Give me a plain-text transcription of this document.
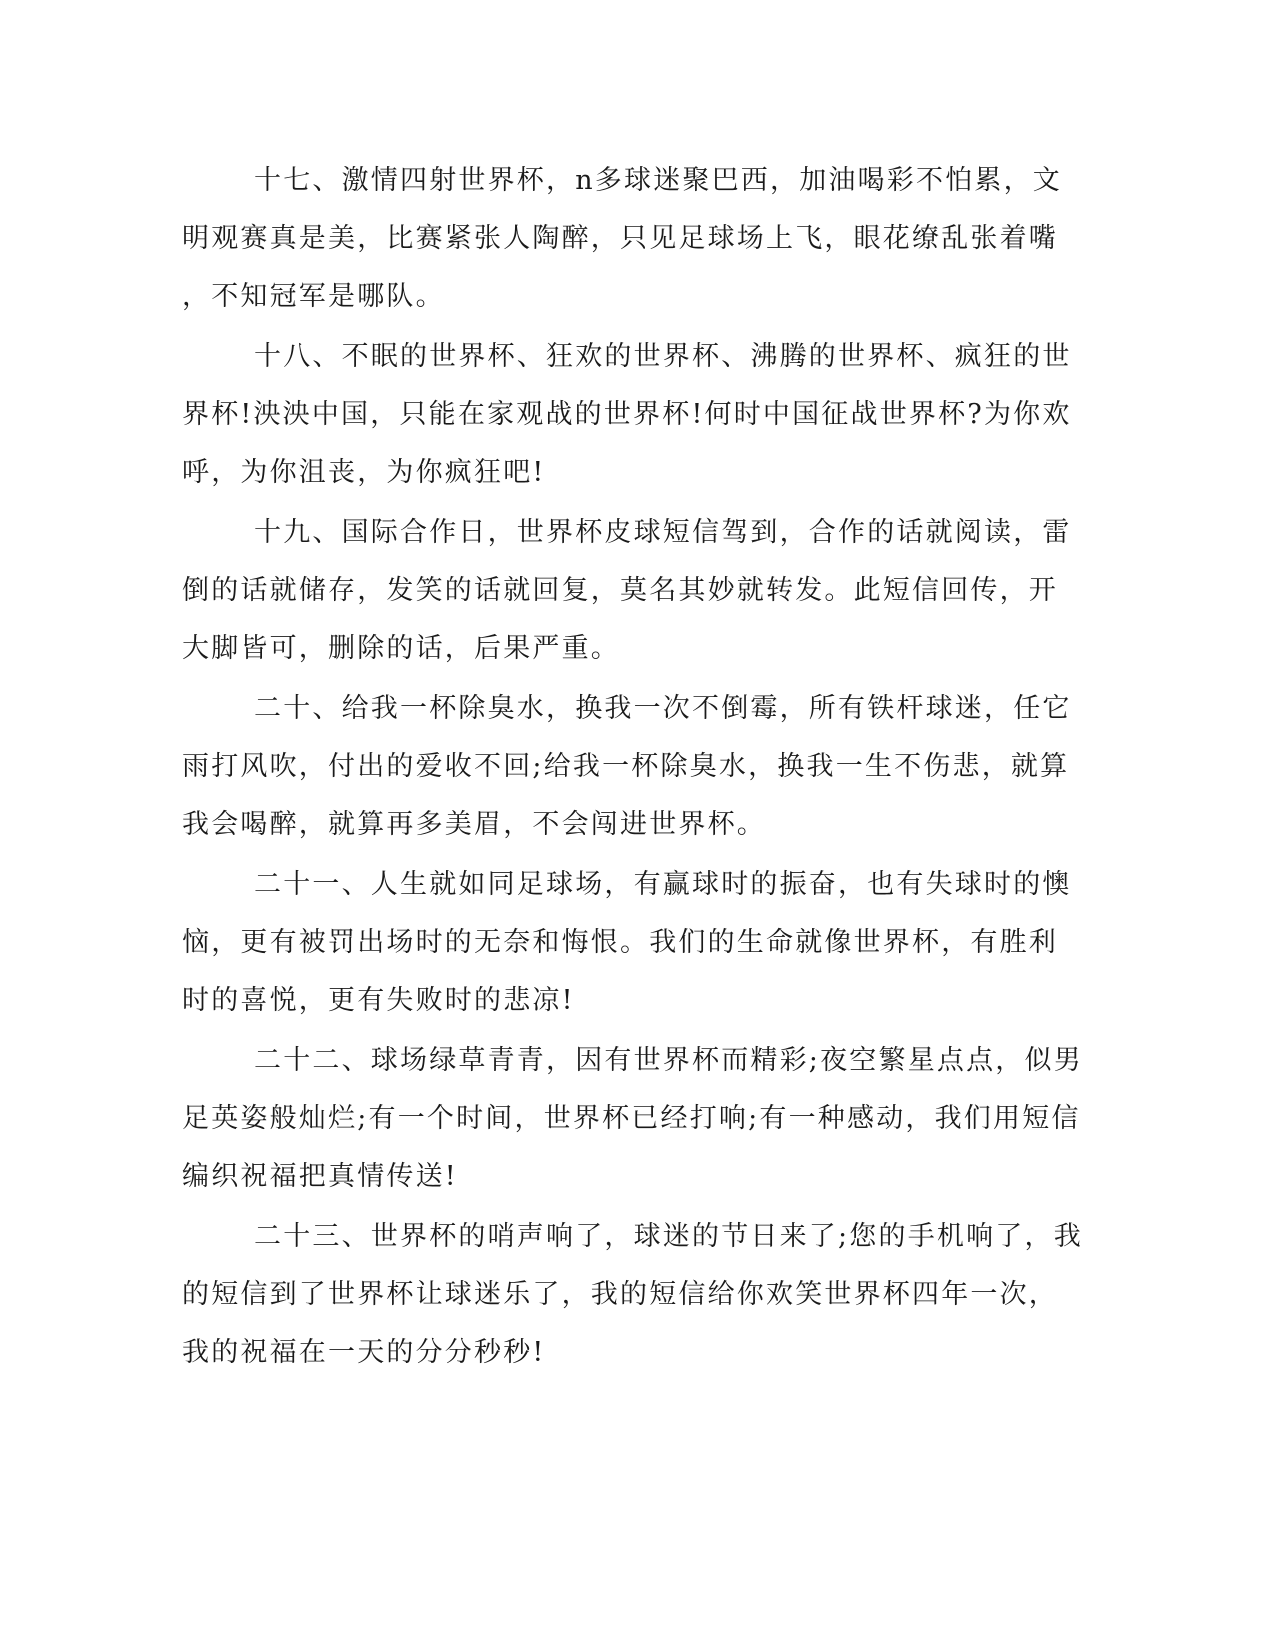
十七、激情四射世界杯，n多球迷聚巴西，加油喝彩不怕累，文
明观赛真是美，比赛紧张人陶醉，只见足球场上飞，眼花缭乱张着嘴
，不知冠军是哪队。
十八、不眠的世界杯、狂欢的世界杯、沸腾的世界杯、疯狂的世
界杯!泱泱中国，只能在家观战的世界杯!何时中国征战世界杯?为你欢
呼，为你沮丧，为你疯狂吧!
十九、国际合作日，世界杯皮球短信驾到，合作的话就阅读，雷
倒的话就储存，发笑的话就回复，莫名其妙就转发。此短信回传，开
大脚皆可，删除的话，后果严重。
二十、给我一杯除臭水，换我一次不倒霉，所有铁杆球迷，任它
雨打风吹，付出的爱收不回;给我一杯除臭水，换我一生不伤悲，就算
我会喝醉，就算再多美眉，不会闯进世界杯。
二十一、人生就如同足球场，有赢球时的振奋，也有失球时的懊
恼，更有被罚出场时的无奈和悔恨。我们的生命就像世界杯，有胜利
时的喜悦，更有失败时的悲凉!
二十二、球场绿草青青，因有世界杯而精彩;夜空繁星点点，似男
足英姿般灿烂;有一个时间，世界杯已经打响;有一种感动，我们用短信
编织祝福把真情传送!
二十三、世界杯的哨声响了，球迷的节日来了;您的手机响了，我
的短信到了世界杯让球迷乐了，我的短信给你欢笑世界杯四年一次，
我的祝福在一天的分分秒秒!
